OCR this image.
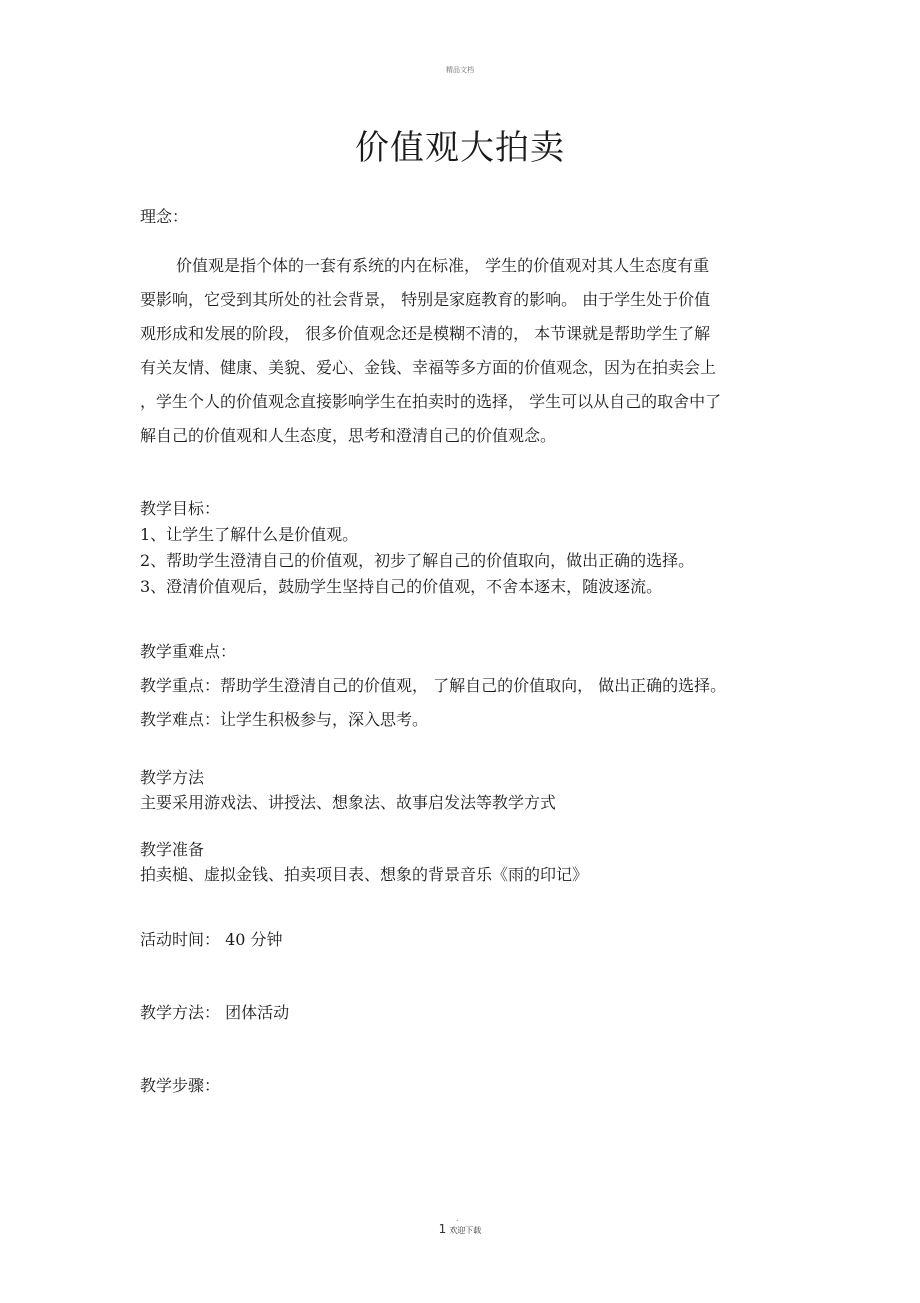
精品文档
价值观大拍卖
理念：
价值观是指个体的一套有系统的内在标准， 学生的价值观对其人生态度有重
要影响，它受到其所处的社会背景， 特别是家庭教育的影响。 由于学生处于价值
观形成和发展的阶段， 很多价值观念还是模糊不清的， 本节课就是帮助学生了解
有关友情、健康、美貌、爱心、金钱、幸福等多方面的价值观念，因为在拍卖会上
，学生个人的价值观念直接影响学生在拍卖时的选择， 学生可以从自己的取舍中了
解自己的价值观和人生态度，思考和澄清自己的价值观念。
教学目标：
1、让学生了解什么是价值观。
2、帮助学生澄清自己的价值观，初步了解自己的价值取向，做出正确的选择。
3、澄清价值观后，鼓励学生坚持自己的价值观，不舍本逐末，随波逐流。
教学重难点：
教学重点：帮助学生澄清自己的价值观， 了解自己的价值取向， 做出正确的选择。
教学难点：让学生积极参与，深入思考。
教学方法
主要采用游戏法、讲授法、想象法、故事启发法等教学方式
教学准备
拍卖槌、虚拟金钱、拍卖项目表、想象的背景音乐《雨的印记》
活动时间： 40 分钟
教学方法： 团体活动
教学步骤：
.
1 欢迎下载
